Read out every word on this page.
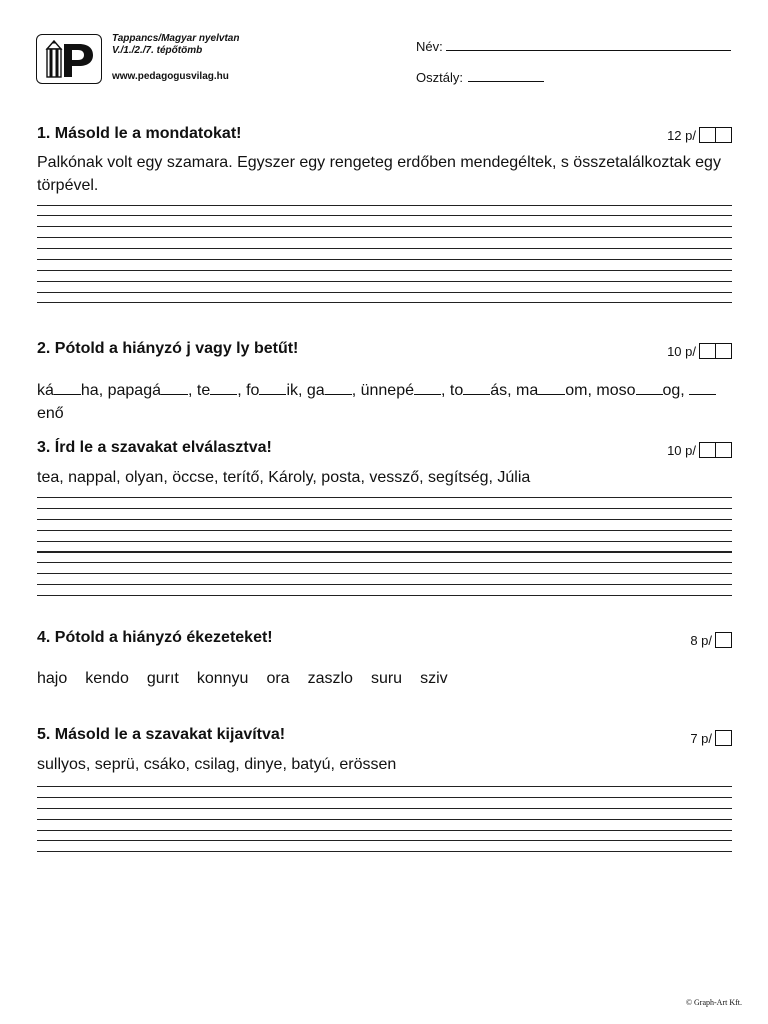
Tappancs/Magyar nyelvtan
V./1./2./7. tépőtömb
www.pedagogusvilag.hu
Név:
Osztály:
1. Másold le a mondatokat!	12 p/
Palkónak volt egy szamara. Egyszer egy rengeteg erdőben mendegéltek, s összetalálkoztak egy törpével.
2. Pótold a hiányzó j vagy ly betűt!	10 p/
ká ha, papagá , te , fo ik, ga , ünnepé , to ás, ma om, moso og, enő
3. Írd le a szavakat elválasztva!	10 p/
tea, nappal, olyan, öccse, terítő, Károly, posta, vessző, segítség, Júlia
4. Pótold a hiányzó ékezeteket!	8 p/
hajo kendo gurıt konnyu ora zaszlo suru sziv
5. Másold le a szavakat kijavítva!	7 p/
sullyos, seprü, csáko, csilag, dinye, batyú, erössen
© Graph-Art Kft.
